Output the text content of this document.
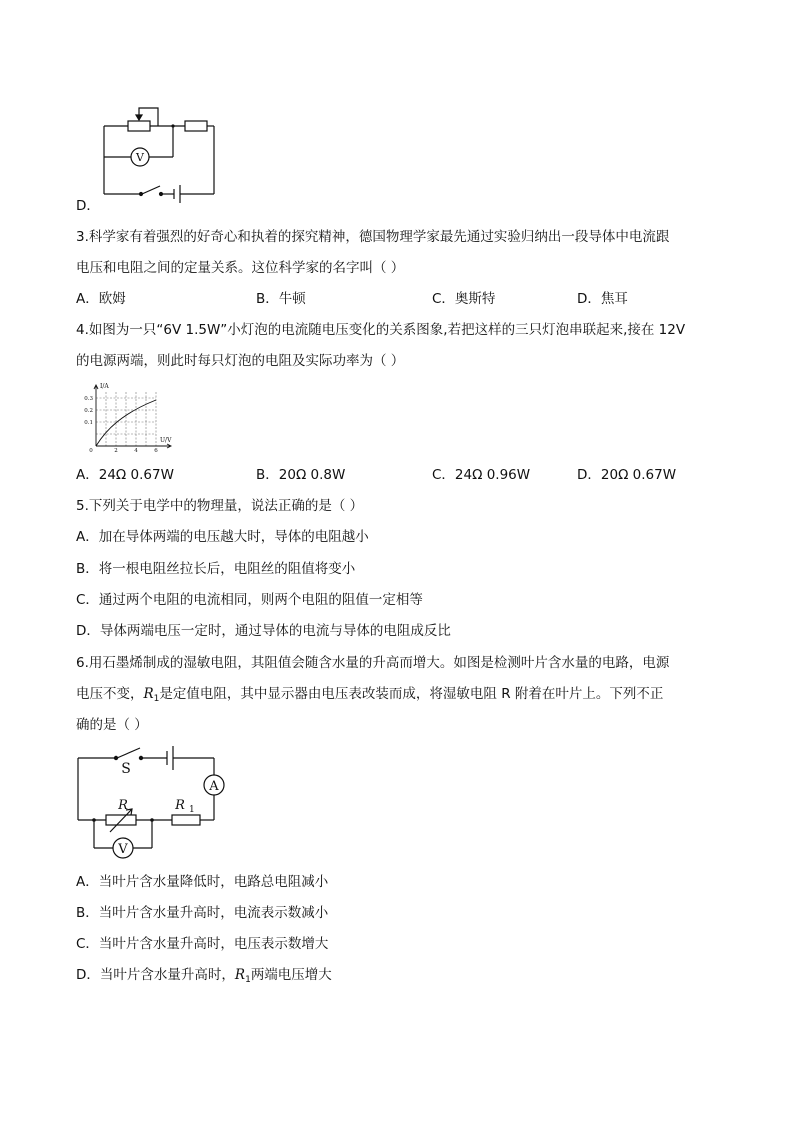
V
D．
3.科学家有着强烈的好奇心和执着的探究精神，德国物理学家最先通过实验归纳出一段导体中电流跟
电压和电阻之间的定量关系。这位科学家的名字叫（ ）
A．欧姆	B．牛顿	C．奥斯特	D．焦耳
4.如图为一只“6V 1.5W”小灯泡的电流随电压变化的关系图象,若把这样的三只灯泡串联起来,接在 12V
的电源两端，则此时每只灯泡的电阻及实际功率为（ ）
I/A
U/V
0.3
0.2
0.1
0	2	4	6
A．24Ω 0.67W	B．20Ω 0.8W	C．24Ω 0.96W	D．20Ω 0.67W
5.下列关于电学中的物理量，说法正确的是（ ）
A．加在导体两端的电压越大时，导体的电阻越小
B．将一根电阻丝拉长后，电阻丝的阻值将变小
C．通过两个电阻的电流相同，则两个电阻的阻值一定相等
D．导体两端电压一定时，通过导体的电流与导体的电阻成反比
6.用石墨烯制成的湿敏电阻，其阻值会随含水量的升高而增大。如图是检测叶片含水量的电路，电源
电压不变，$R_1$是定值电阻，其中显示器由电压表改装而成，将湿敏电阻 R 附着在叶片上。下列不正
确的是（ ）
S
A
V
R	R 1
A．当叶片含水量降低时，电路总电阻减小
B．当叶片含水量升高时，电流表示数减小
C．当叶片含水量升高时，电压表示数增大
D．当叶片含水量升高时，$R_1$两端电压增大
